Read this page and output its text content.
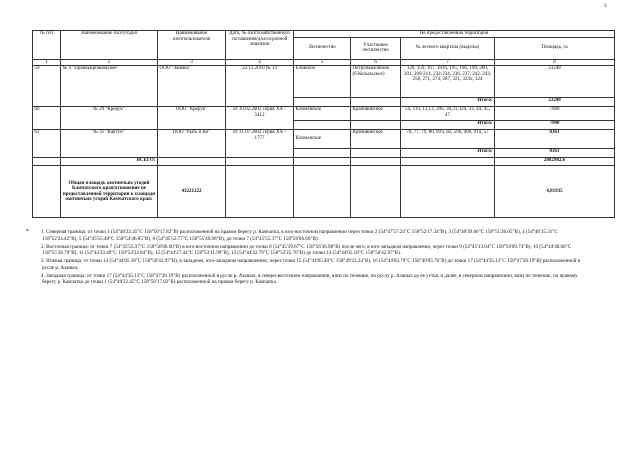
3
№ п/п	Наименование охотугодья	Наименование охотпользователя	Дата, № охотхозяйственного соглашения/долгосрочной лицензии	Не предоставленная территория			
				Лесничество	Участковое лесничество	№ лесного квартала (выделы)	Площадь, га
1	2	3	4	5	6	7	8
59	№ 4 "Правокирпановское"	ООО "Заимка"	22.12.2010 № 13	Еловское	Петропавловское (б.Козыльское)	120, 159, 167, 183ч, 195, 196, 199, 200, 201, 209-214, 232-234, 236, 237, 242, 243, 258, 271, 274, 287, 321, 323ч, 324	23248
						Итого:	23248
60	№ 29 "Крерук"	ООО "Крерук"	от 10.02.2002 серия ХХ - 5412	Ключевское	Крапивинское	5ч, 11ч, 12,13, 29ч, 30,31,32ч, 33, 44, 45, 47	7900
						Итого:	7900
61	№ 31 "Кактун"	ООО "Рысь и Ко"	от 31.07.2002 серия ХХ - 1777	Ключевское	Крапивинское	76, 77, 79, 80, 81ч, 82, 59ч, 40ч, 41ч, 57	8361
						Итого:	8361
	ВСЕГО:						2082982,6
	Общая площадь охотничьих угодий Камчатского края/отношение не предоставленной территории к площади охотничьих угодий Камчатского края:	43221222					4,81935
*	1. Северная граница: от точки 1 (54°48'22.45"С 158°50'17.82"В) расположенной на правом берегу р. Камчатка, в юго-восточном направлении через точки 2 (54°47'57.24"С 158°52'17.34"В), 3 (54°46'39.66"С 158°51'26.65"В), 4 (54°46'15.31"С 158°52'24.42"В), 5 (54°45'55.48"С 158°54'46.85"В), 6 (54°45'52.77"С 158°55'49.08"В), до точки 7 (54°45'55.37"С 158°56'06.60"В).

2. Восточная граница: от точки 7 (54°45'55.37"С 158°56'06.60"В) в юго-восточном направлении до точки 8 (54°45'39.67"С 158°56'36.98"В) после чего, в юго-западном направлении, через точки 9 (54°45'13.04"С 158°56'09.74"В), 10 (54°44'48.08"С 158°55'28.70"В), 11 (54°44'33.49"С 158°54'32.84"В), 12 (54°44'27.44"С 158°53'11.99"В), 13 (54°44'32.79"С 158°52'25.76"В) до точки 14 (54°44'05.18"С 158°50'42.97"В).

3. Южная граница: от точки 14 (54°44'05.18"С 158°50'42.97"В), в западном, юго-западном направлениях, через точки 15 (54°44'05.40"С 158°49'23.24"В), 16 (54°44'03.79"С 158°49'05.76"В) до точки 17 (54°44'35.13"С 158°47'28.19"В) расположенной в русле р. Азаныч.

4. Западная граница: от точки 17 (54°44'35.13"С 158°47'28.19"В) расположенной в русле р. Азаныч, в северо-восточном направлении, вниз по течению, по руслу р. Азаныч до ее устья, и далее, в северном направлении, вниз по течению, по правому берегу р. Камчатка до точки 1 (54°48'22.45"С 158°50'17.82"В) расположенной на правом берегу р. Камчатка.
